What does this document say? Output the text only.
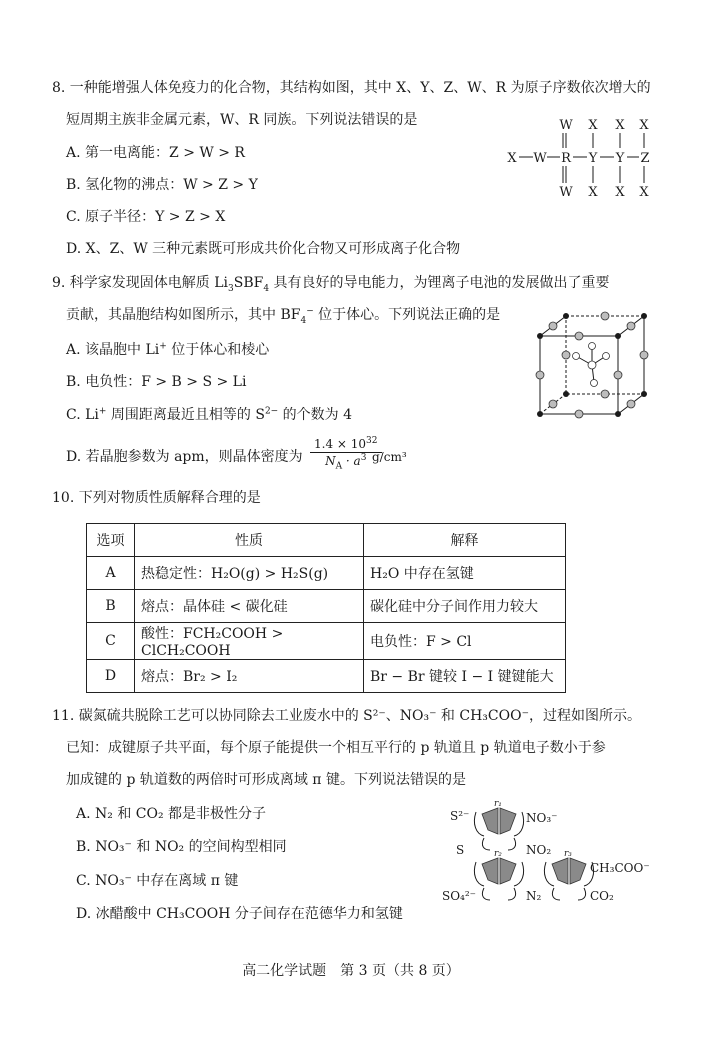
8. 一种能增强人体免疫力的化合物，其结构如图，其中 X、Y、Z、W、R 为原子序数依次增大的
短周期主族非金属元素，W、R 同族。下列说法错误的是
A. 第一电离能：Z > W > R
B. 氢化物的沸点：W > Z > Y
C. 原子半径：Y > Z > X
D. X、Z、W 三种元素既可形成共价化合物又可形成离子化合物
W X X X
X W R Y Y Z
W X X X
9. 科学家发现固体电解质 $Li_3SBF_4$ 具有良好的导电能力，为锂离子电池的发展做出了重要
贡献，其晶胞结构如图所示，其中 $BF_4^-$ 位于体心。下列说法正确的是
A. 该晶胞中 Li+ 位于体心和棱心
B. 电负性：F > B > S > Li
C. Li+ 周围距离最近且相等的 $S^{2-}$ 的个数为 4
D. 若晶胞参数为 apm，则晶体密度为 $\frac{1.4 \times 10^{32}}{N_A \cdot a^3}$
g/cm³
10. 下列对物质性质解释合理的是
选项	性质	解释
A	热稳定性：H₂O(g) > H₂S(g)	H₂O 中存在氢键
B	熔点：晶体硅 < 碳化硅	碳化硅中分子间作用力较大
C	酸性：FCH₂COOH > ClCH₂COOH	电负性：F > Cl
D	熔点：Br₂ > I₂	Br − Br 键较 I − I 键键能大
11. 碳氮硫共脱除工艺可以协同除去工业废水中的 S²⁻、NO₃⁻ 和 CH₃COO⁻，过程如图所示。
已知：成键原子共平面，每个原子能提供一个相互平行的 p 轨道且 p 轨道电子数小于参
加成键的 p 轨道数的两倍时可形成离域 π 键。下列说法错误的是
A. N₂ 和 CO₂ 都是非极性分子
B. NO₃⁻ 和 NO₂ 的空间构型相同
C. NO₃⁻ 中存在离域 π 键
D. 冰醋酸中 CH₃COOH 分子间存在范德华力和氢键
r₁
r₂	r₃
S²⁻	NO₃⁻
S	NO₂
SO₄²⁻	N₂
CH₃COO⁻
CO₂
高二化学试题　第 3 页（共 8 页）
